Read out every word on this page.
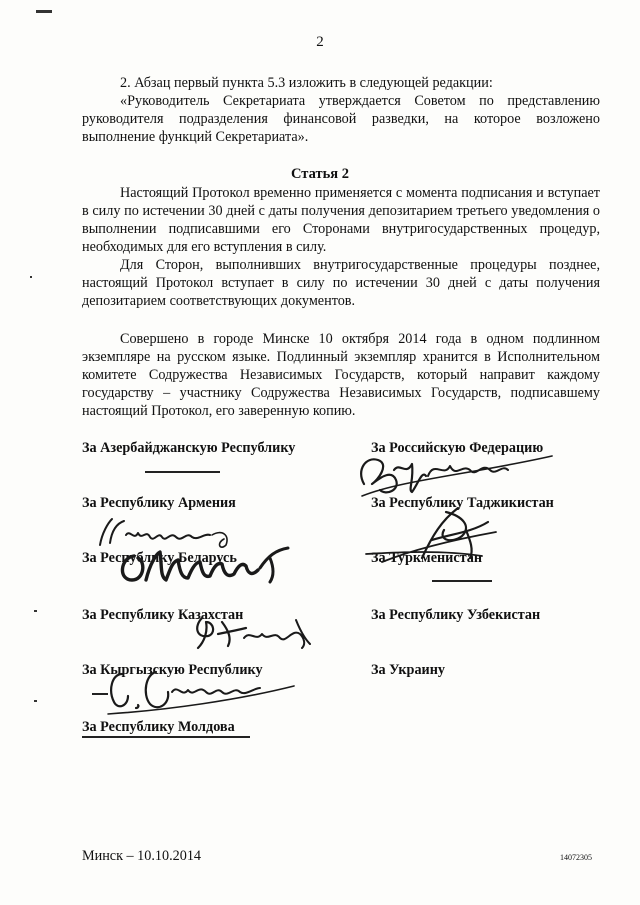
2

2. Абзац первый пункта 5.3 изложить в следующей редакции:

«Руководитель Секретариата утверждается Советом по представлению руководителя подразделения финансовой разведки, на которое возложено выполнение функций Секретариата».

Статья 2

Настоящий Протокол временно применяется с момента подписания и вступает в силу по истечении 30 дней с даты получения депозитарием третьего уведомления о выполнении подписавшими его Сторонами внутригосударственных процедур, необходимых для его вступления в силу.

Для Сторон, выполнивших внутригосударственные процедуры позднее, настоящий Протокол вступает в силу по истечении 30 дней с даты получения депозитарием соответствующих документов.

Совершено в городе Минске 10 октября 2014 года в одном подлинном экземпляре на русском языке. Подлинный экземпляр хранится в Исполнительном комитете Содружества Независимых Государств, который направит каждому государству – участнику Содружества Независимых Государств, подписавшему настоящий Протокол, его заверенную копию.
За Азербайджанскую Республику
За Республику Армения
За Республику Беларусь
За Республику Казахстан
За Кыргызскую Республику
За Республику Молдова
За Российскую Федерацию
За Республику Таджикистан
За Туркменистан
За Республику Узбекистан
За Украину
Минск – 10.10.2014	14072305
